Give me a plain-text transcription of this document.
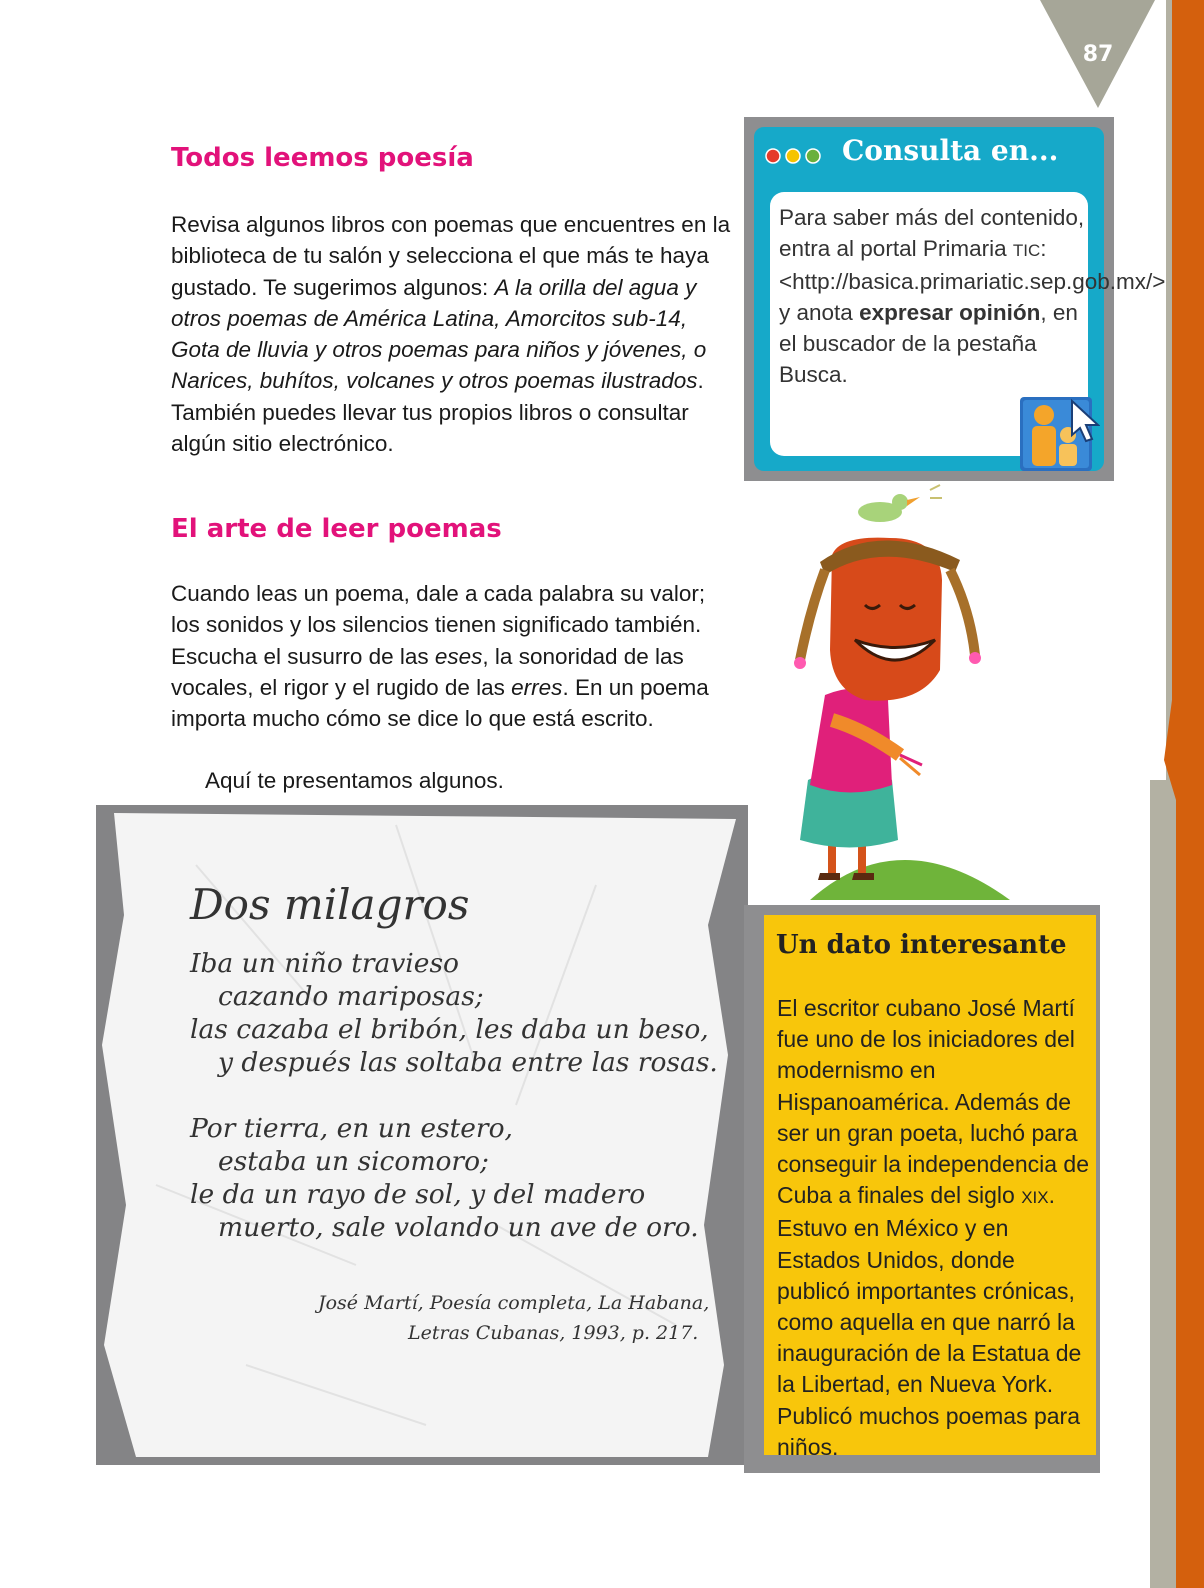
87
Todos leemos poesía

Revisa algunos libros con poemas que encuentres en la biblioteca de tu salón y selecciona el que más te haya gustado. Te sugerimos algunos: A la orilla del agua y otros poemas de América Latina, Amorcitos sub-14, Gota de lluvia y otros poemas para niños y jóvenes, o Narices, buhítos, volcanes y otros poemas ilustrados. También puedes llevar tus propios libros o consultar algún sitio electrónico.

El arte de leer poemas

Cuando leas un poema, dale a cada palabra su valor; los sonidos y los silencios tienen significado también. Escucha el susurro de las eses, la sonoridad de las vocales, el rigor y el rugido de las erres. En un poema importa mucho cómo se dice lo que está escrito.

Aquí te presentamos algunos.

Consulta en...

Para saber más del contenido, entra al portal Primaria TIC: <http://basica.primariatic.sep.gob.mx/> y anota expresar opinión, en el buscador de la pestaña Busca.

Dos milagros
Iba un niño travieso
cazando mariposas;
las cazaba el bribón, les daba un beso,
y después las soltaba entre las rosas.
Por tierra, en un estero,
estaba un sicomoro;
le da un rayo de sol, y del madero
muerto, sale volando un ave de oro.
José Martí, Poesía completa, La Habana,
Letras Cubanas, 1993, p. 217.
Un dato interesante

El escritor cubano José Martí fue uno de los iniciadores del modernismo en Hispanoamérica. Además de ser un gran poeta, luchó para conseguir la independencia de Cuba a finales del siglo XIX. Estuvo en México y en Estados Unidos, donde publicó importantes crónicas, como aquella en que narró la inauguración de la Estatua de la Libertad, en Nueva York. Publicó muchos poemas para niños.
